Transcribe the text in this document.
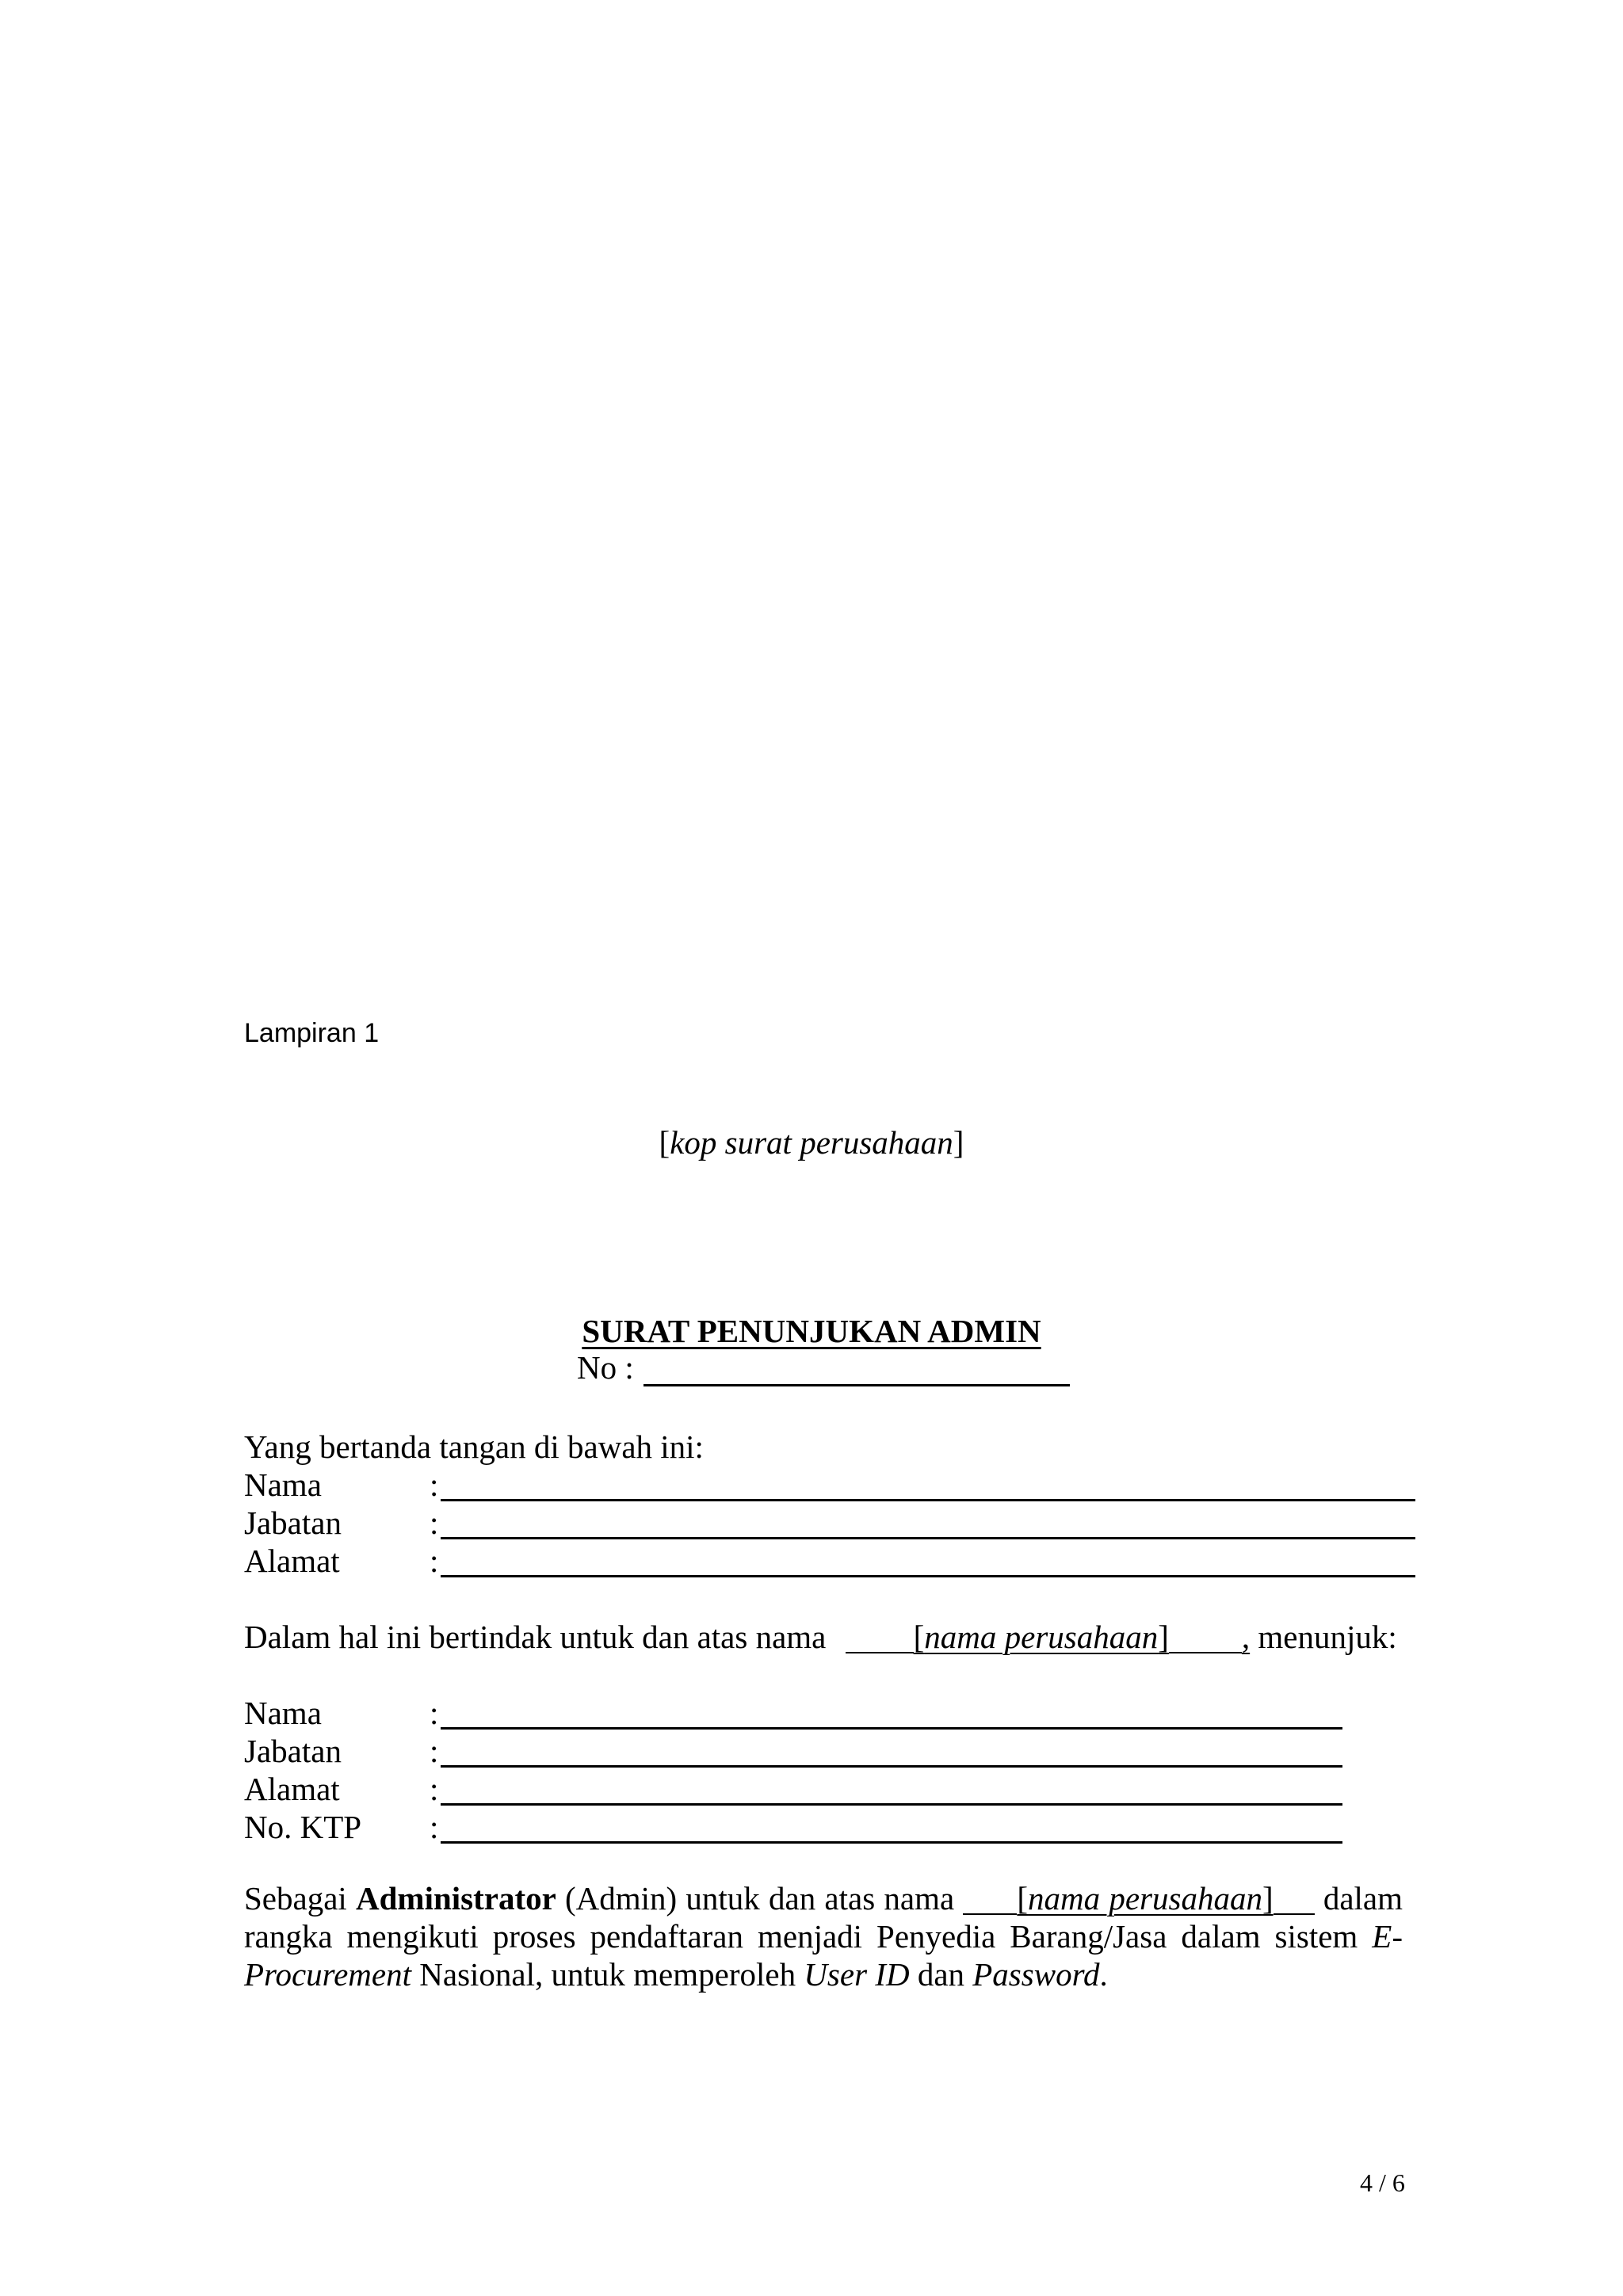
Lampiran 1
[kop surat perusahaan]
SURAT PENUNJUKAN ADMIN
No :
Yang bertanda tangan di bawah ini:
Nama	:
Jabatan	:
Alamat	:
Dalam hal ini bertindak untuk dan atas nama	[nama perusahaan] , menunjuk:
Nama	:
Jabatan	:
Alamat	:
No. KTP :
Sebagai Administrator (Admin) untuk dan atas nama [nama perusahaan] dalam rangka mengikuti proses pendaftaran menjadi Penyedia Barang/Jasa dalam sistem E-Procurement Nasional, untuk memperoleh User ID dan Password.
4 / 6
